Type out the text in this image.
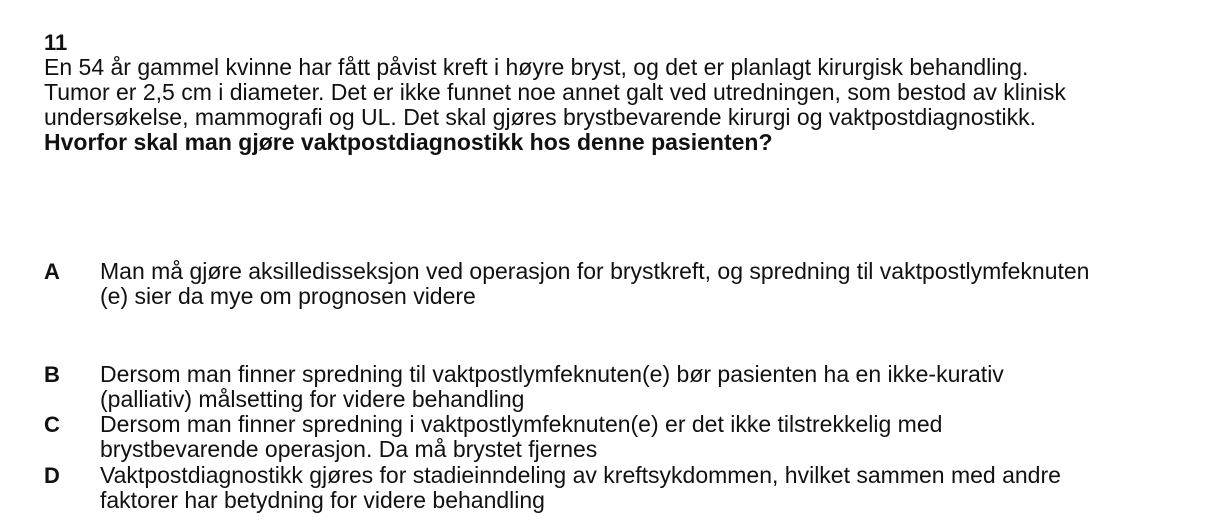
11
En 54 år gammel kvinne har fått påvist kreft i høyre bryst, og det er planlagt kirurgisk behandling.
Tumor er 2,5 cm i diameter. Det er ikke funnet noe annet galt ved utredningen, som bestod av klinisk
undersøkelse, mammografi og UL. Det skal gjøres brystbevarende kirurgi og vaktpostdiagnostikk.
Hvorfor skal man gjøre vaktpostdiagnostikk hos denne pasienten?
A Man må gjøre aksilledisseksjon ved operasjon for brystkreft, og spredning til vaktpostlymfeknuten
(e) sier da mye om prognosen videre
B Dersom man finner spredning til vaktpostlymfeknuten(e) bør pasienten ha en ikke-kurativ
(palliativ) målsetting for videre behandling
C Dersom man finner spredning i vaktpostlymfeknuten(e) er det ikke tilstrekkelig med
brystbevarende operasjon. Da må brystet fjernes
D Vaktpostdiagnostikk gjøres for stadieinndeling av kreftsykdommen, hvilket sammen med andre
faktorer har betydning for videre behandling
